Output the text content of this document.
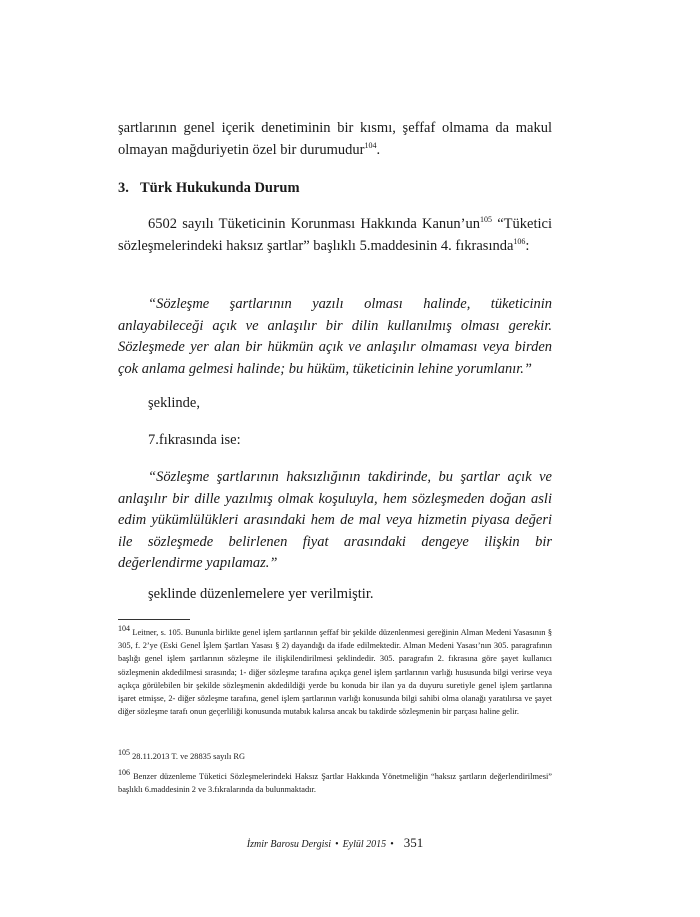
şartlarının genel içerik denetiminin bir kısmı, şeffaf olmama da makul olmayan mağduriyetin özel bir durumudur$^{104}$.

3. Türk Hukukunda Durum

6502 sayılı Tüketicinin Korunması Hakkında $Kanun’un^{105}$ “Tüketici sözleşmelerindeki haksız şartlar” başlıklı 5.maddesinin 4. fıkrasında$^{106}$:

“Sözleşme şartlarının yazılı olması halinde, tüketicinin anlayabileceği açık ve anlaşılır bir dilin kullanılmış olması gerekir. Sözleşmede yer alan bir hükmün açık ve anlaşılır olmaması veya birden çok anlama gelmesi halinde; bu hüküm, tüketicinin lehine yorumlanır.”

şeklinde,

7.fıkrasında ise:

“Sözleşme şartlarının haksızlığının takdirinde, bu şartlar açık ve anlaşılır bir dille yazılmış olmak koşuluyla, hem sözleşmeden doğan asli edim yükümlülükleri arasındaki hem de mal veya hizmetin piyasa değeri ile sözleşmede belirlenen fiyat arasındaki dengeye ilişkin bir değerlendirme yapılamaz.”

şeklinde düzenlemelere yer verilmiştir.

$^{104}$ Leitner, s. 105. Bununla birlikte genel işlem şartlarının şeffaf bir şekilde düzenlenmesi gereğinin Alman Medeni Yasasının § 305, f. 2’ye (Eski Genel İşlem Şartları Yasası § 2) dayandığı da ifade edilmektedir. Alman Medeni Yasası’nın 305. paragrafının başlığı genel işlem şartlarının sözleşme ile ilişkilendirilmesi şeklindedir. 305. paragrafın 2. fıkrasına göre şayet kullanıcı sözleşmenin akdedilmesi sırasında; 1- diğer sözleşme tarafına açıkça genel işlem şartlarının varlığı hususunda bilgi verirse veya açıkça görülebilen bir şekilde sözleşmenin akdedildiği yerde bu konuda bir ilan ya da duyuru suretiyle genel işlem şartlarına işaret etmişse, 2- diğer sözleşme tarafına, genel işlem şartlarının varlığı konusunda bilgi sahibi olma olanağı yaratılırsa ve şayet diğer sözleşme tarafı onun geçerliliği konusunda mutabık kalırsa ancak bu takdirde sözleşmenin bir parçası haline gelir.

$^{105}$ 28.11.2013 T. ve 28835 sayılı RG

$^{106}$ Benzer düzenleme Tüketici Sözleşmelerindeki Haksız Şartlar Hakkında Yönetmeliğin “haksız şartların değerlendirilmesi” başlıklı 6.maddesinin 2 ve 3.fıkralarında da bulunmaktadır.

İzmir Barosu Dergisi • Eylül 2015 • 351
